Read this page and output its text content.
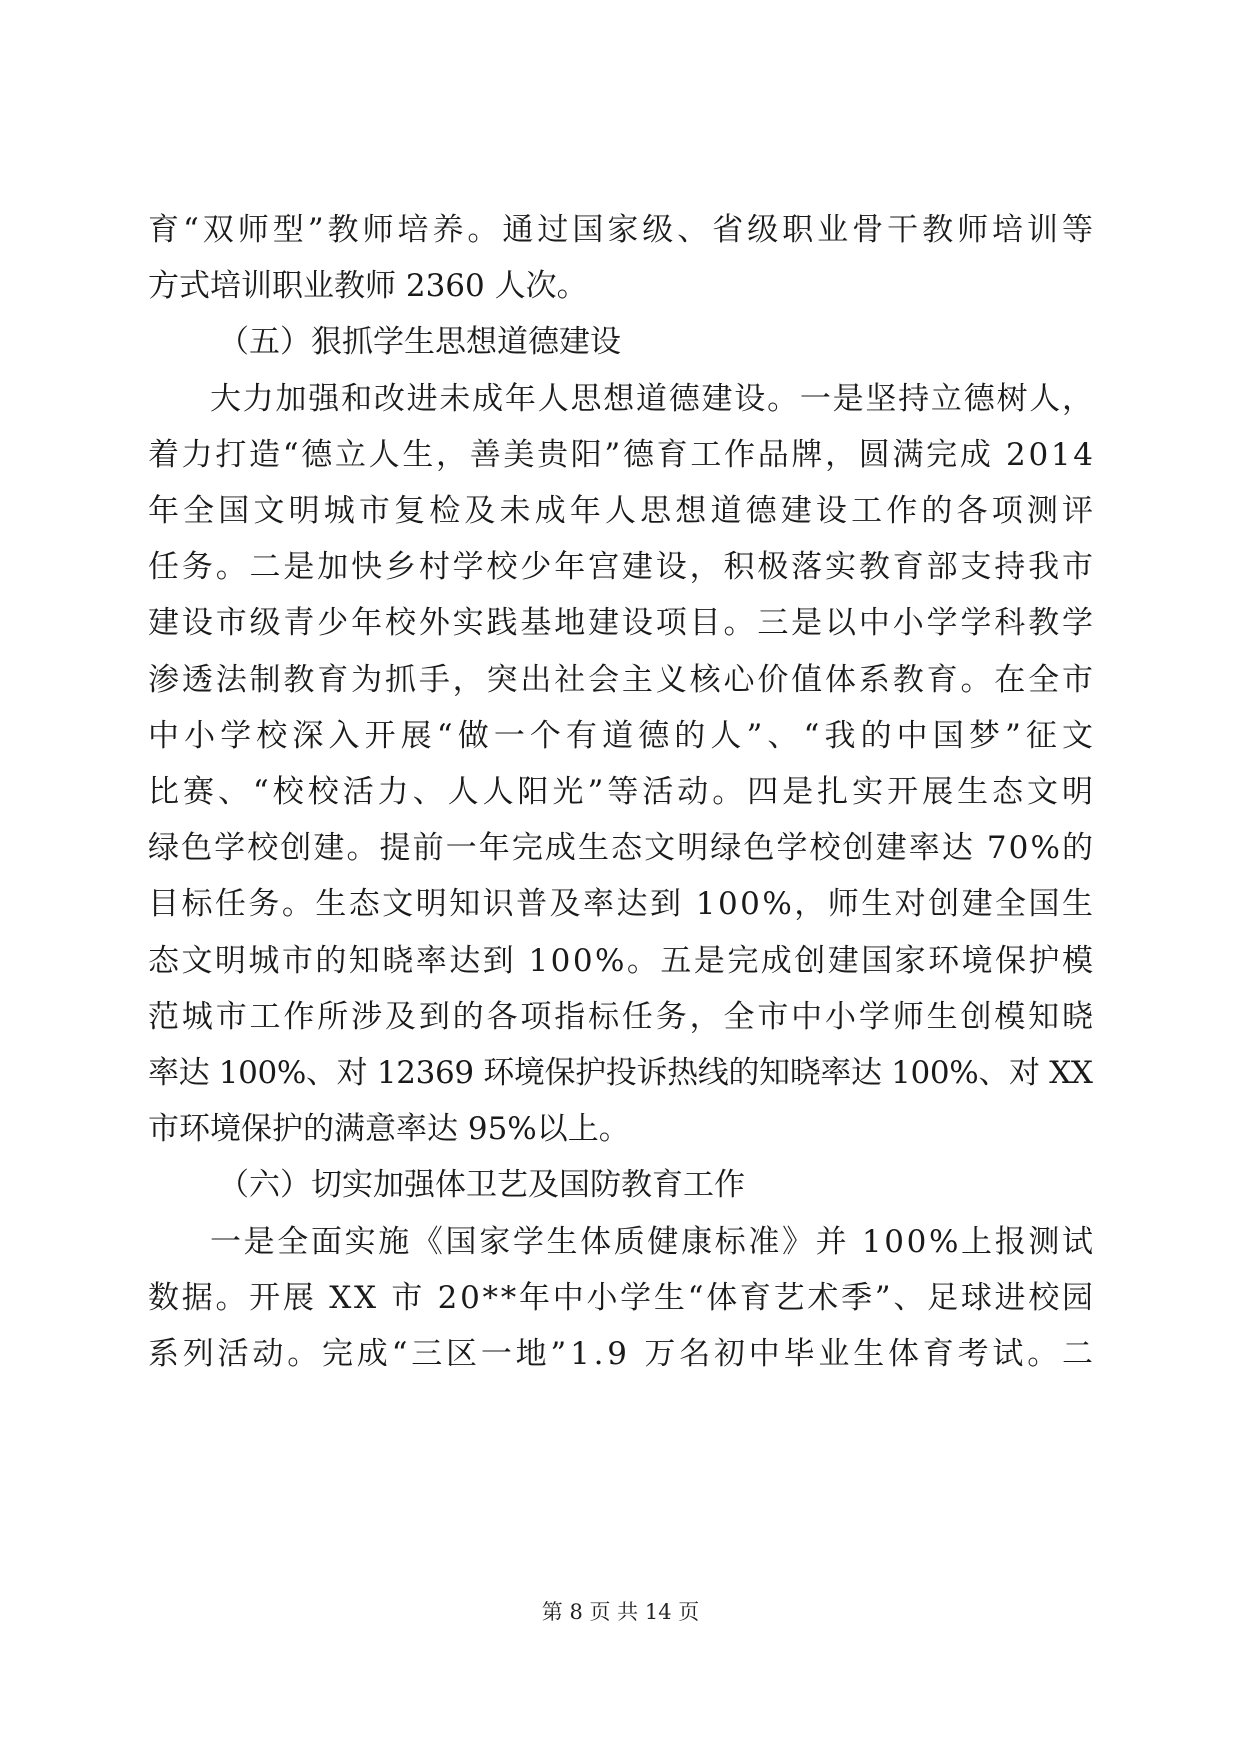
育“双师型”教师培养。通过国家级、省级职业骨干教师培训等
方式培训职业教师 2360 人次。
（五）狠抓学生思想道德建设
大力加强和改进未成年人思想道德建设。一是坚持立德树人，
着力打造“德立人生，善美贵阳”德育工作品牌，圆满完成 2014
年全国文明城市复检及未成年人思想道德建设工作的各项测评
任务。二是加快乡村学校少年宫建设，积极落实教育部支持我市
建设市级青少年校外实践基地建设项目。三是以中小学学科教学
渗透法制教育为抓手，突出社会主义核心价值体系教育。在全市
中小学校深入开展“做一个有道德的人”、“我的中国梦”征文
比赛、“校校活力、人人阳光”等活动。四是扎实开展生态文明
绿色学校创建。提前一年完成生态文明绿色学校创建率达 70%的
目标任务。生态文明知识普及率达到 100%，师生对创建全国生
态文明城市的知晓率达到 100%。五是完成创建国家环境保护模
范城市工作所涉及到的各项指标任务，全市中小学师生创模知晓
率达 100%、对 12369 环境保护投诉热线的知晓率达 100%、对 XX
市环境保护的满意率达 95%以上。
（六）切实加强体卫艺及国防教育工作
一是全面实施《国家学生体质健康标准》并 100%上报测试
数据。开展 XX 市 20**年中小学生“体育艺术季”、足球进校园
系列活动。完成“三区一地”1.9 万名初中毕业生体育考试。二
第 8 页 共 14 页
